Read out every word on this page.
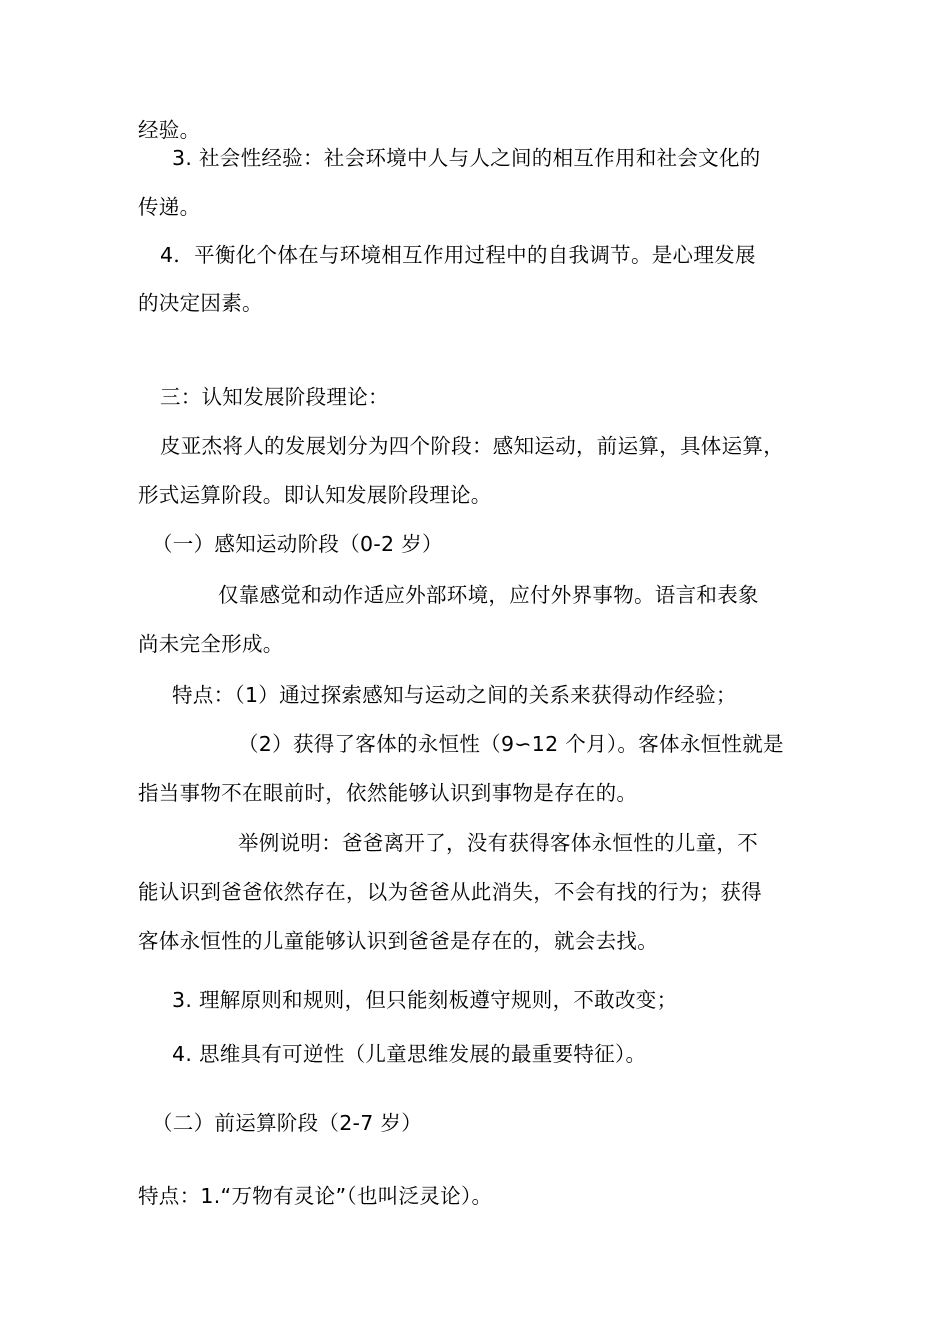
经验。
3. 社会性经验：社会环境中人与人之间的相互作用和社会文化的
传递。
4．平衡化个体在与环境相互作用过程中的自我调节。是心理发展
的决定因素。
三：认知发展阶段理论：
皮亚杰将人的发展划分为四个阶段：感知运动，前运算，具体运算，
形式运算阶段。即认知发展阶段理论。
（一）感知运动阶段（0-2 岁）
仅靠感觉和动作适应外部环境，应付外界事物。语言和表象
尚未完全形成。
特点：（1）通过探索感知与运动之间的关系来获得动作经验；
（2）获得了客体的永恒性（9∽12 个月）。客体永恒性就是
指当事物不在眼前时，依然能够认识到事物是存在的。
举例说明：爸爸离开了，没有获得客体永恒性的儿童，不
能认识到爸爸依然存在，以为爸爸从此消失，不会有找的行为；获得
客体永恒性的儿童能够认识到爸爸是存在的，就会去找。
3. 理解原则和规则，但只能刻板遵守规则，不敢改变；
4. 思维具有可逆性（儿童思维发展的最重要特征）。
（二）前运算阶段（2-7 岁）
特点：1.“万物有灵论”（也叫泛灵论）。
